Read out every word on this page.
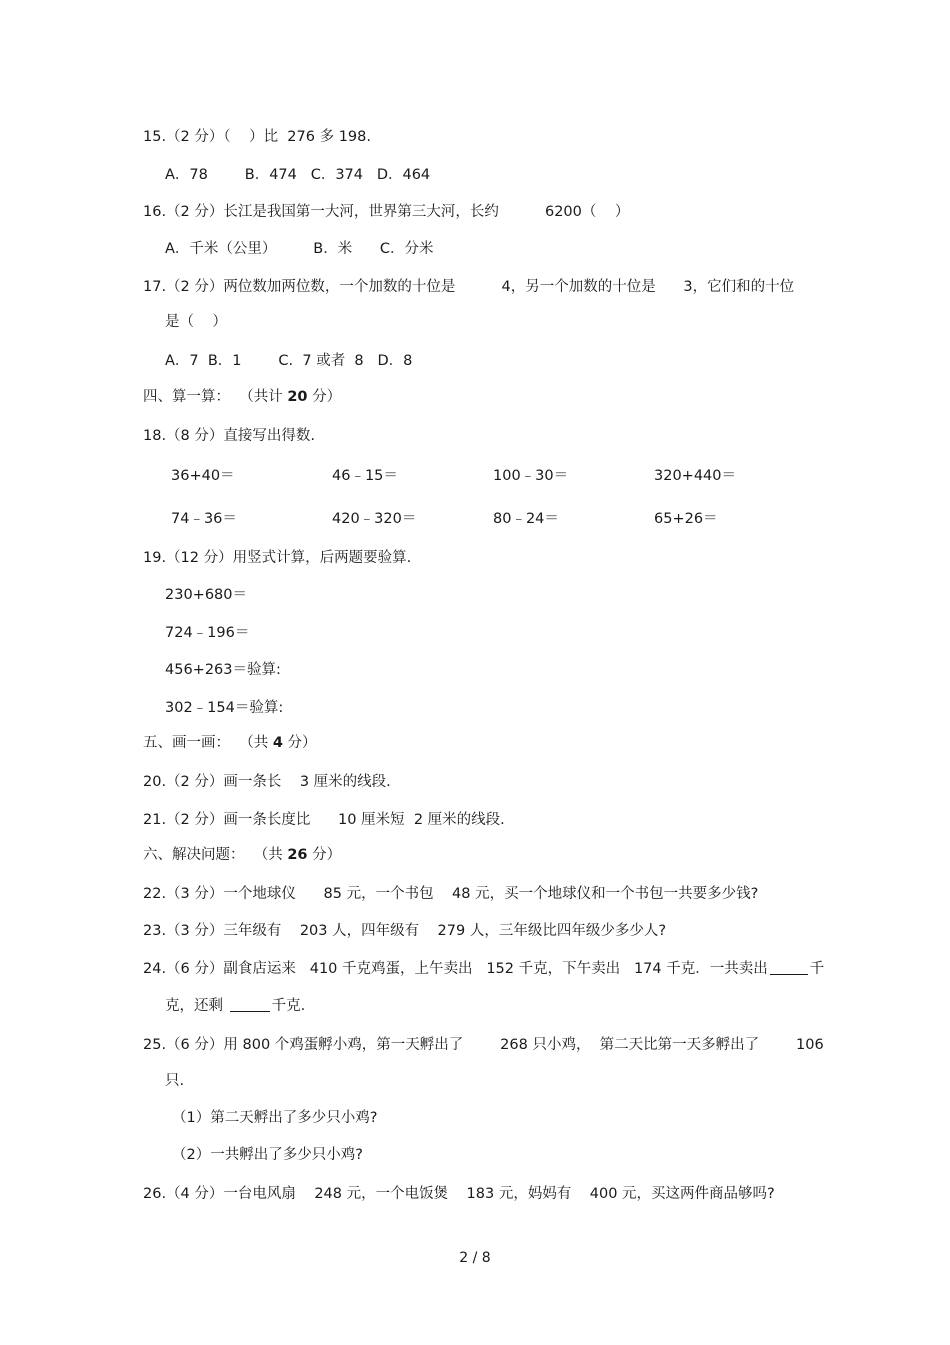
15.（2 分）（    ）比  276 多 198.
A．78        B．474   C．374   D．464
16.（2 分）长江是我国第一大河，世界第三大河，长约          6200（    ）
A．千米（公里）        B．米      C．分米
17.（2 分）两位数加两位数，一个加数的十位是          4，另一个加数的十位是      3，它们和的十位
是（    ）
A．7  B．1        C.  7 或者  8   D．8
四、算一算：  （共计 20 分）
18.（8 分）直接写出得数.
36+40＝	46﹣15＝	100﹣30＝	320+440＝
74﹣36＝	420﹣320＝	80﹣24＝	65+26＝
19.（12 分）用竖式计算，后两题要验算.
230+680＝
724﹣196＝
456+263＝验算:
302﹣154＝验算:
五、画一画：  （共 4 分）
20.（2 分）画一条长    3 厘米的线段.
21.（2 分）画一条长度比      10 厘米短  2 厘米的线段.
六、解决问题：  （共 26 分）
22.（3 分）一个地球仪      85 元，一个书包    48 元，买一个地球仪和一个书包一共要多少钱?
23.（3 分）三年级有    203 人，四年级有    279 人，三年级比四年级少多少人?
24.（6 分）副食店运来   410 千克鸡蛋，上午卖出   152 千克，下午卖出   174 千克．一共卖出	千
克，还剩	千克.
25.（6 分）用 800 个鸡蛋孵小鸡，第一天孵出了        268 只小鸡，  第二天比第一天多孵出了        106
只.
（1）第二天孵出了多少只小鸡?
（2）一共孵出了多少只小鸡?
26.（4 分）一台电风扇    248 元，一个电饭煲    183 元，妈妈有    400 元，买这两件商品够吗?
2 / 8
